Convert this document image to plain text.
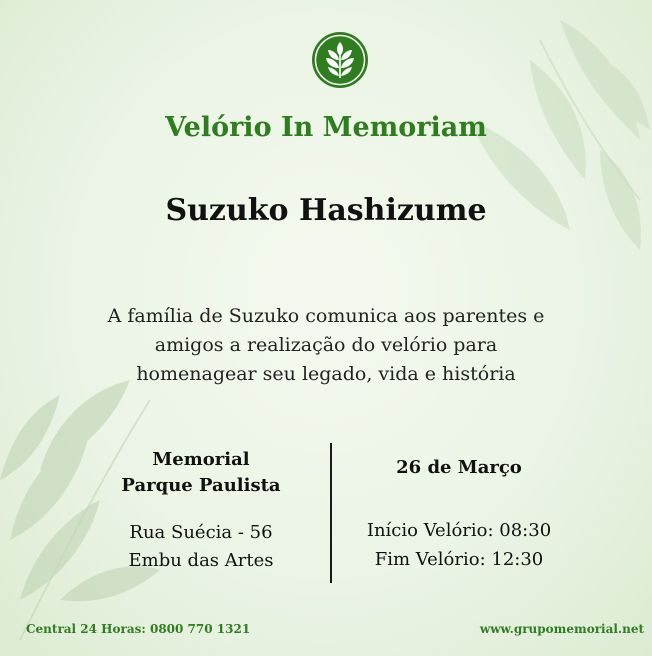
Velório In Memoriam
Suzuko Hashizume
A família de Suzuko comunica aos parentes e
amigos a realização do velório para
homenagear seu legado, vida e história
Memorial
Parque Paulista
Rua Suécia - 56
Embu das Artes
26 de Março
Início Velório: 08:30
Fim Velório: 12:30
Central 24 Horas: 0800 770 1321	www.grupomemorial.net
